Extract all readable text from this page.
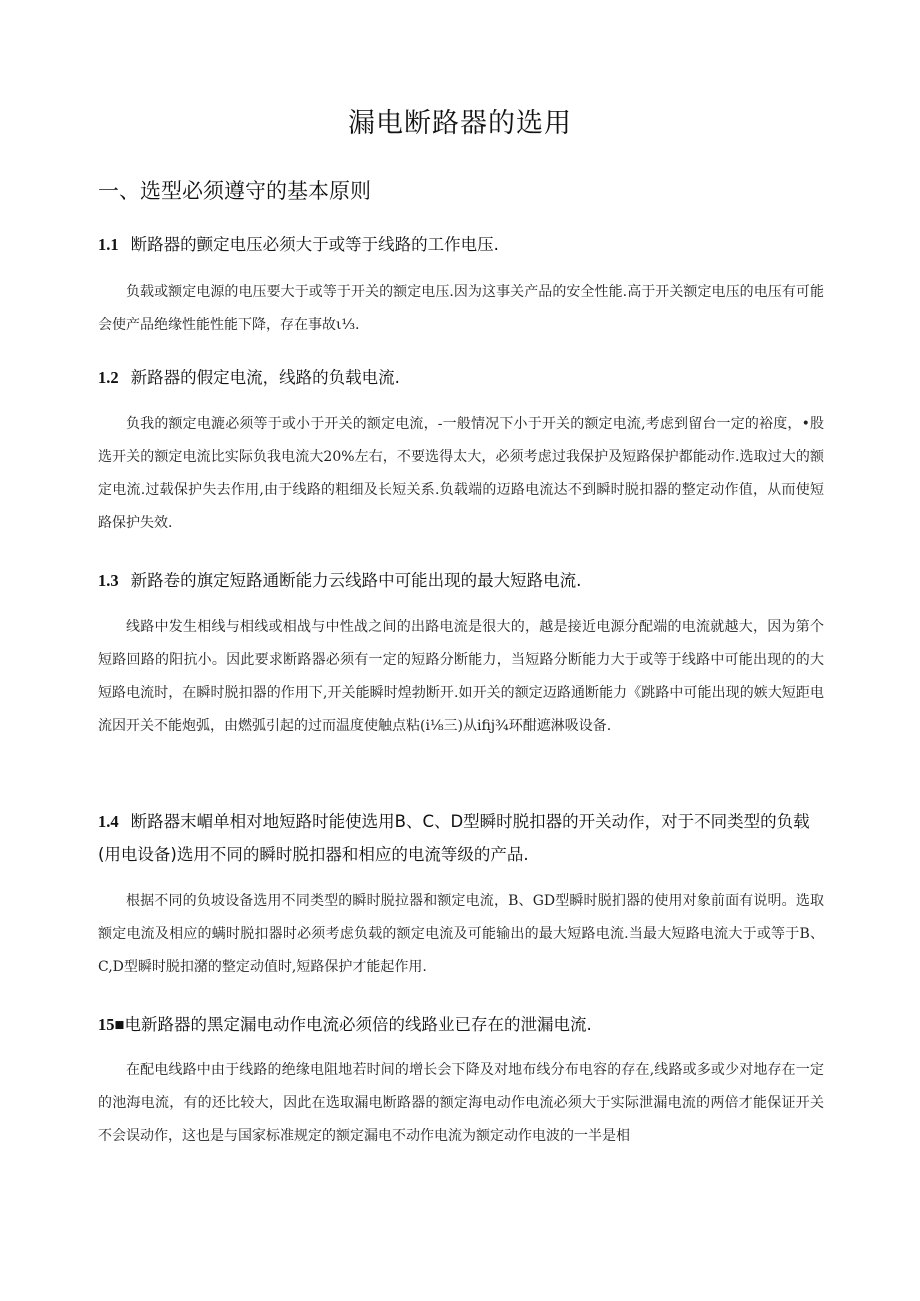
漏电断路器的选用
一、选型必须遵守的基本原则
1.1 断路器的颤定电压必须大于或等于线路的工作电压.

负载或额定电源的电压要大于或等于开关的额定电压.因为这事关产品的安全性能.高于开关额定电压的电压有可能会使产品绝缘性能性能下降，存在事故ι⅓.

1.2 新路器的假定电流，线路的负载电流.

负我的额定电漉必须等于或小于开关的额定电流，-一般情况下小于开关的额定电流,考虑到留台一定的裕度，•股选开关的额定电流比实际负我电流大20%左右，不要选得太大，必须考虑过我保护及短路保护都能动作.选取过大的额定电流.过载保护失去作用,由于线路的粗细及长短关系.负载端的迈路电流达不到瞬时脱扣器的整定动作值，从而使短路保护失效.

1.3 新路卷的旗定短路通断能力云线路中可能出现的最大短路电流.

线路中发生相线与相线或相战与中性战之间的出路电流是很大的，越是接近电源分配端的电流就越大，因为第个短路回路的阳抗小。因此要求断路器必须有一定的短路分断能力，当短路分断能力大于或等于线路中可能出现的的大短路电流时，在瞬时脱扣器的作用下,开关能瞬时煌勃断开.如开关的额定迈路通断能力《跳路中可能出现的嫉大短距电流因开关不能炮弧，由燃弧引起的过而温度使触点粘(i⅛三)从ifij¾环酣遮淋吸设备.

1.4 断路器末嵋单相对地短路时能使选用B、C、D型瞬时脱扣器的开关动作，对于不同类型的负载(用电设备)选用不同的瞬时脱扣器和相应的电流等级的产品.

根据不同的负坡设备选用不同类型的瞬时脱拉器和额定电流，B、GD型瞬时脱扪器的使用对象前面有说明。选取额定电流及相应的螨时脱扣器时必须考虑负载的额定电流及可能输出的最大短路电流.当最大短路电流大于或等于B、C,D型瞬时脱扣潴的整定动值时,短路保护才能起作用.

15■电新路器的黑定漏电动作电流必须倍的线路业已存在的泄漏电流.

在配电线路中由于线路的绝缘电阻地若时间的增长会下降及对地布线分布电容的存在,线路或多或少对地存在一定的池海电流，有的还比较大，因此在选取漏电断路器的额定海电动作电流必须大于实际泄漏电流的两倍才能保证开关不会误动作，这也是与国家标准规定的额定漏电不动作电流为额定动作电波的一半是相
